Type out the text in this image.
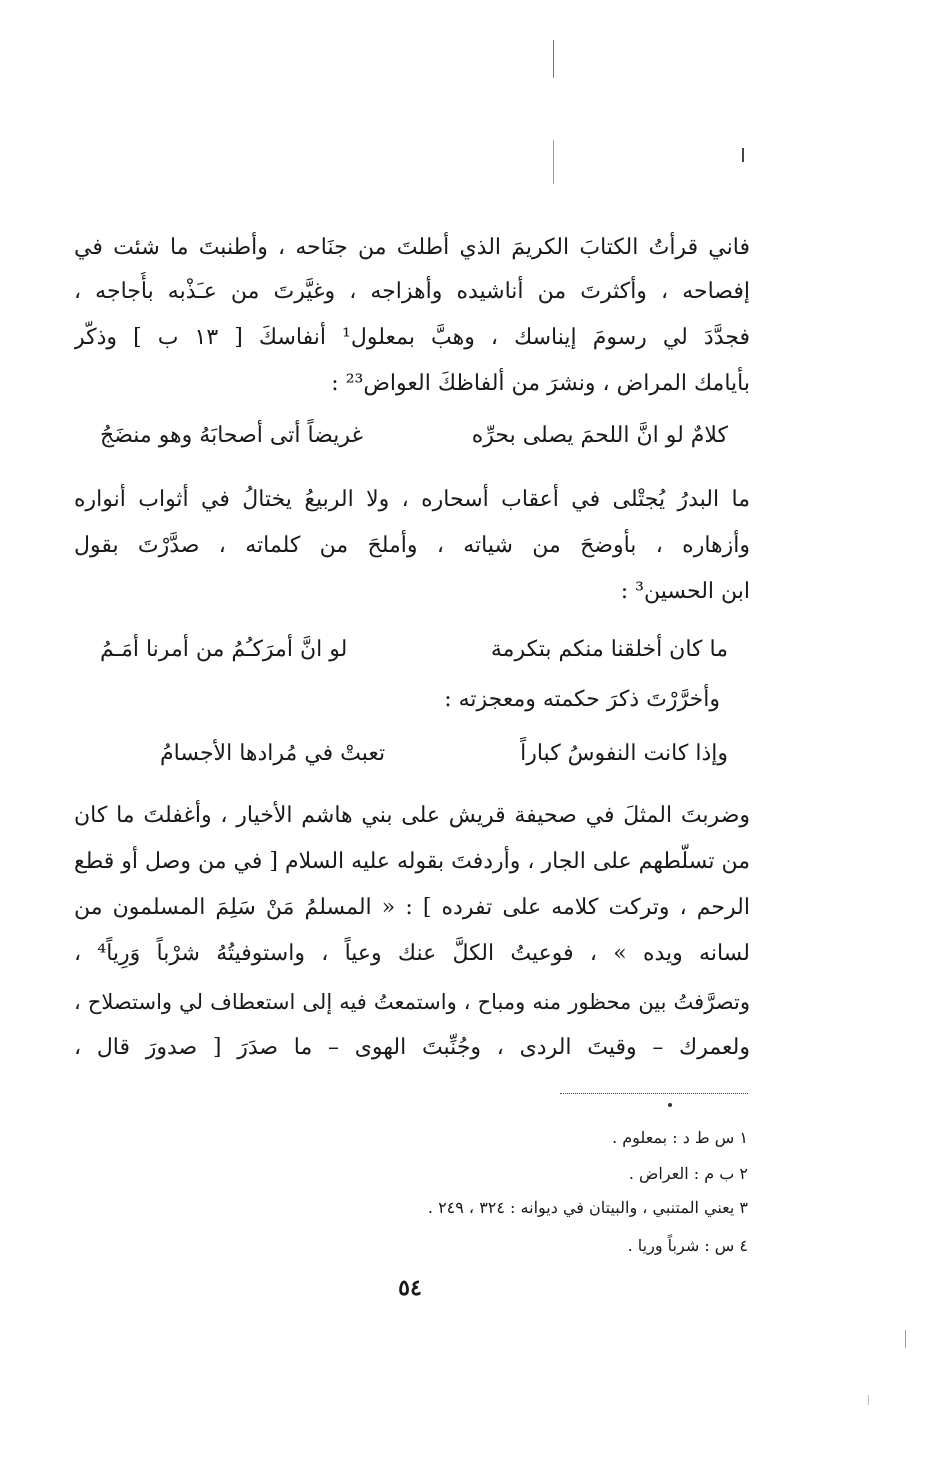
فاني قرأتُ الكتابَ الكريمَ الذي أطلتَ من جنَاحه ، وأطنبتَ ما شئت في
إفصاحه ، وأكثرتَ من أناشيده وأهزاجه ، وغيَّرتَ من عـَذْبه بأُجاجه ،
فجدَّدَ لي رسومَ إيناسك ، وهبَّ بمعلول¹ أنفاسكَ [ ١٣ ب ] وذكّر
بأيامك المراض ، ونشرَ من ألفاظكَ العواض²³ :
كلامٌ لو انَّ اللحمَ يصلى بحرِّه
غريضاً أتى أصحابَهُ وهو منضَجُ
ما البدرُ يُجتْلى في أعقاب أسحاره ، ولا الربيعُ يختالُ في أثواب أنواره
وأزهاره ، بأوضحَ من شياته ، وأملحَ من كلماته ، صدَّرْتَ بقول
ابن الحسين³ :
ما كان أخلقنا منكم بتكرمة
لو انَّ أمرَكـُمُ من أمرنا أمَـمُ
وأخرَّرْتَ ذكرَ حكمته ومعجزته :
وإذا كانت النفوسُ كباراً
تعبتْ في مُرادها الأجسامُ
وضربتَ المثلَ في صحيفة قريش على بني هاشم الأخيار ، وأغفلتَ ما كان
من تسلّطهم على الجار ، وأردفتَ بقوله عليه السلام [ في من وصل أو قطع
الرحم ، وتركت كلامه على تفرده ] : « المسلمُ مَنْ سَلِمَ المسلمون من
لسانه ويده » ، فوعيتُ الكلَّ عنك وعياً ، واستوفيتُهُ شرْباً وَرِياً⁴ ،
وتصرَّفتُ بين محظور منه ومباح ، واستمعتُ فيه إلى استعطاف لي واستصلاح ،
ولعمرك – وقيتَ الردى ، وجُنِّبتَ الهوى – ما صدَرَ [ صدورَ قال ،
١ س ط د : بمعلوم .
٢ ب م : العراض .
٣ يعني المتنبي ، والبيتان في ديوانه : ٣٢٤ ، ٢٤٩ .
٤ س : شرباً وريا .
٥٤
